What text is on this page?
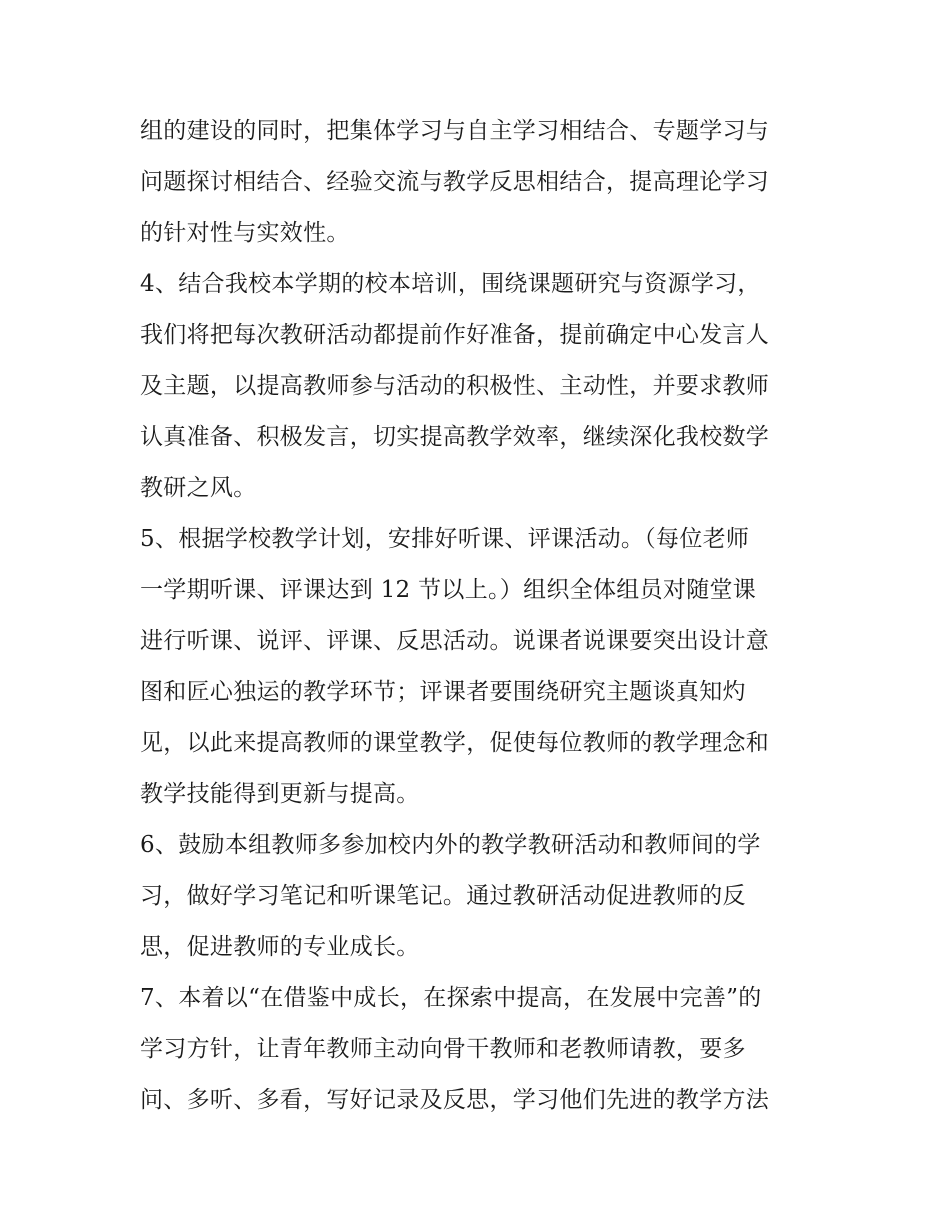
组的建设的同时，把集体学习与自主学习相结合、专题学习与
问题探讨相结合、经验交流与教学反思相结合，提高理论学习
的针对性与实效性。
4、结合我校本学期的校本培训，围绕课题研究与资源学习，
我们将把每次教研活动都提前作好准备，提前确定中心发言人
及主题，以提高教师参与活动的积极性、主动性，并要求教师
认真准备、积极发言，切实提高教学效率，继续深化我校数学
教研之风。
5、根据学校教学计划，安排好听课、评课活动。（每位老师
一学期听课、评课达到 12 节以上。）组织全体组员对随堂课
进行听课、说评、评课、反思活动。说课者说课要突出设计意
图和匠心独运的教学环节；评课者要围绕研究主题谈真知灼
见，以此来提高教师的课堂教学，促使每位教师的教学理念和
教学技能得到更新与提高。
6、鼓励本组教师多参加校内外的教学教研活动和教师间的学
习，做好学习笔记和听课笔记。通过教研活动促进教师的反
思，促进教师的专业成长。
7、本着以“在借鉴中成长，在探索中提高，在发展中完善”的
学习方针，让青年教师主动向骨干教师和老教师请教，要多
问、多听、多看，写好记录及反思，学习他们先进的教学方法
